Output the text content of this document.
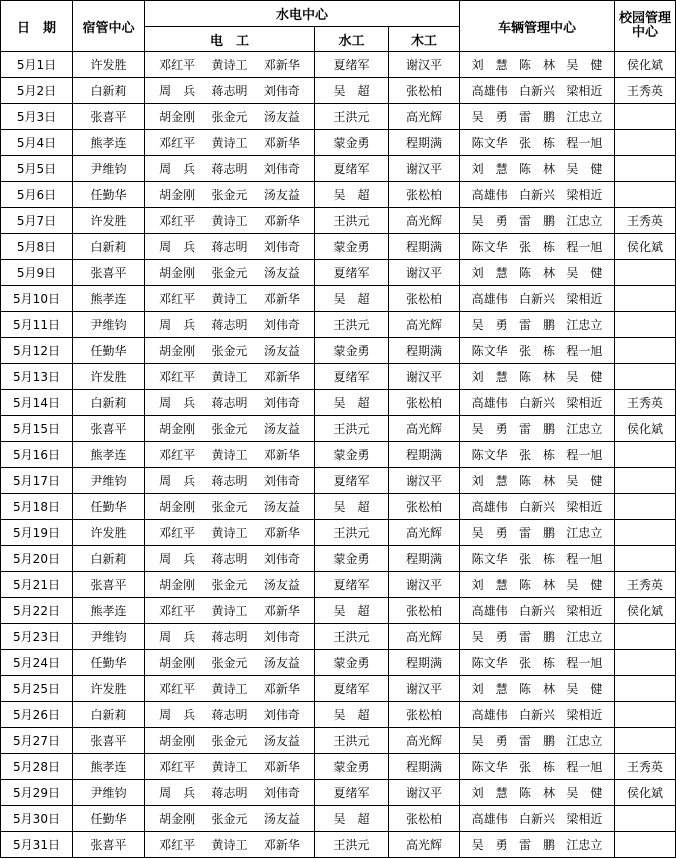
日　期	宿管中心	水电中心			车辆管理中心	校园管理中心
		电　工	水工	木工		
5月1日	许发胜	邓红平 黄诗工 邓新华	夏绪军	谢汉平	刘　慧 陈　林 吴　健	侯化斌
5月2日	白新莉	周　兵 蒋志明 刘伟奇	吴　超	张松柏	高雄伟 白新兴 梁相近	王秀英
5月3日	张喜平	胡金刚 张金元 汤友益	王洪元	高光辉	吴　勇 雷　鹏 江忠立	

5月4日	熊孝连	邓红平 黄诗工 邓新华	蒙金勇	程期满	陈文华 张　栋 程一旭	

5月5日	尹维钧	周　兵 蒋志明 刘伟奇	夏绪军	谢汉平	刘　慧 陈　林 吴　健	

5月6日	任勤华	胡金刚 张金元 汤友益	吴　超	张松柏	高雄伟 白新兴 梁相近	

5月7日	许发胜	邓红平 黄诗工 邓新华	王洪元	高光辉	吴　勇 雷　鹏 江忠立	王秀英
5月8日	白新莉	周　兵 蒋志明 刘伟奇	蒙金勇	程期满	陈文华 张　栋 程一旭	侯化斌
5月9日	张喜平	胡金刚 张金元 汤友益	夏绪军	谢汉平	刘　慧 陈　林 吴　健	

5月10日	熊孝连	邓红平 黄诗工 邓新华	吴　超	张松柏	高雄伟 白新兴 梁相近	

5月11日	尹维钧	周　兵 蒋志明 刘伟奇	王洪元	高光辉	吴　勇 雷　鹏 江忠立	

5月12日	任勤华	胡金刚 张金元 汤友益	蒙金勇	程期满	陈文华 张　栋 程一旭	

5月13日	许发胜	邓红平 黄诗工 邓新华	夏绪军	谢汉平	刘　慧 陈　林 吴　健	

5月14日	白新莉	周　兵 蒋志明 刘伟奇	吴　超	张松柏	高雄伟 白新兴 梁相近	王秀英
5月15日	张喜平	胡金刚 张金元 汤友益	王洪元	高光辉	吴　勇 雷　鹏 江忠立	侯化斌
5月16日	熊孝连	邓红平 黄诗工 邓新华	蒙金勇	程期满	陈文华 张　栋 程一旭	

5月17日	尹维钧	周　兵 蒋志明 刘伟奇	夏绪军	谢汉平	刘　慧 陈　林 吴　健	

5月18日	任勤华	胡金刚 张金元 汤友益	吴　超	张松柏	高雄伟 白新兴 梁相近	

5月19日	许发胜	邓红平 黄诗工 邓新华	王洪元	高光辉	吴　勇 雷　鹏 江忠立	

5月20日	白新莉	周　兵 蒋志明 刘伟奇	蒙金勇	程期满	陈文华 张　栋 程一旭	

5月21日	张喜平	胡金刚 张金元 汤友益	夏绪军	谢汉平	刘　慧 陈　林 吴　健	王秀英
5月22日	熊孝连	邓红平 黄诗工 邓新华	吴　超	张松柏	高雄伟 白新兴 梁相近	侯化斌
5月23日	尹维钧	周　兵 蒋志明 刘伟奇	王洪元	高光辉	吴　勇 雷　鹏 江忠立	

5月24日	任勤华	胡金刚 张金元 汤友益	蒙金勇	程期满	陈文华 张　栋 程一旭	

5月25日	许发胜	邓红平 黄诗工 邓新华	夏绪军	谢汉平	刘　慧 陈　林 吴　健	

5月26日	白新莉	周　兵 蒋志明 刘伟奇	吴　超	张松柏	高雄伟 白新兴 梁相近	

5月27日	张喜平	胡金刚 张金元 汤友益	王洪元	高光辉	吴　勇 雷　鹏 江忠立	

5月28日	熊孝连	邓红平 黄诗工 邓新华	蒙金勇	程期满	陈文华 张　栋 程一旭	王秀英
5月29日	尹维钧	周　兵 蒋志明 刘伟奇	夏绪军	谢汉平	刘　慧 陈　林 吴　健	侯化斌
5月30日	任勤华	胡金刚 张金元 汤友益	吴　超	张松柏	高雄伟 白新兴 梁相近	

5月31日	张喜平	邓红平 黄诗工 邓新华	王洪元	高光辉	吴　勇 雷　鹏 江忠立	
